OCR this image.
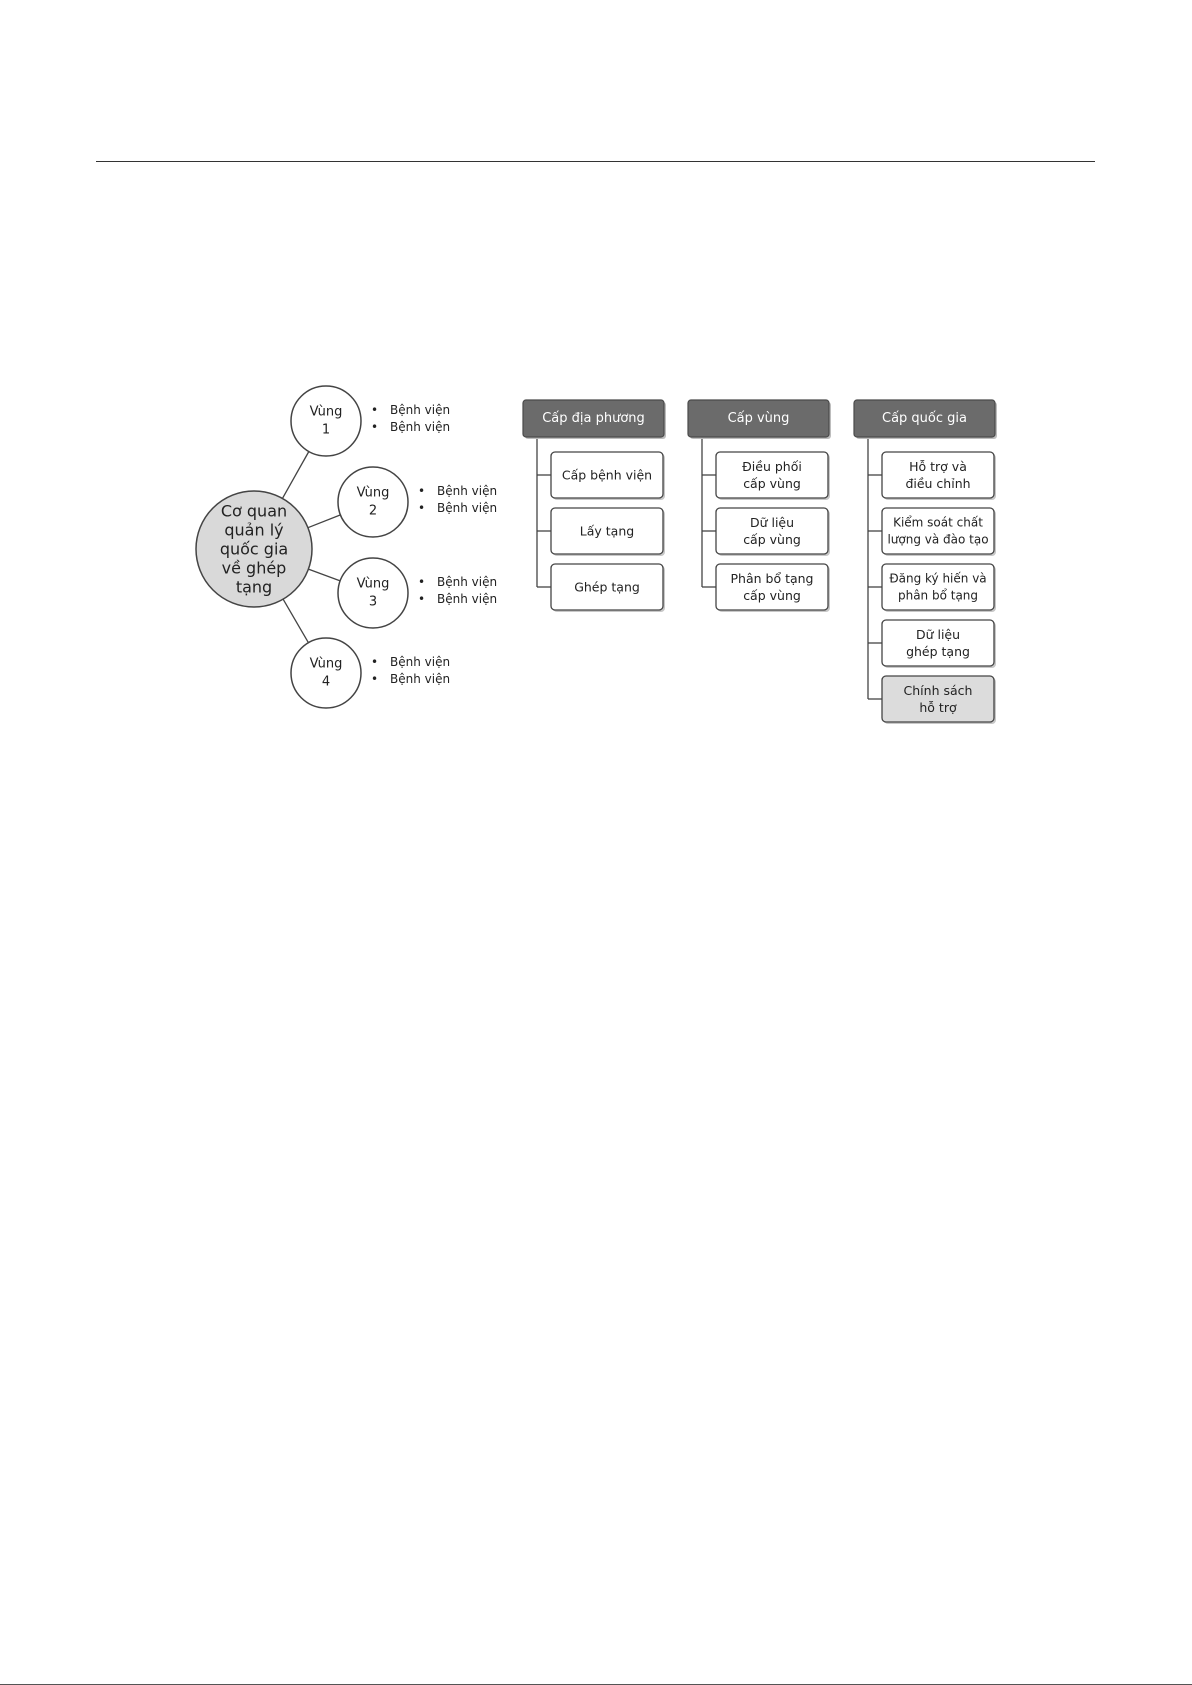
Cơ quan
quản lý
quốc gia
về ghép
tạng
Vùng
1
• Bệnh viện
• Bệnh viện
Vùng
2
• Bệnh viện
• Bệnh viện
Vùng
3
• Bệnh viện
• Bệnh viện
Vùng
4
• Bệnh viện
• Bệnh viện
Cấp địa phương
Cấp bệnh viện
Lấy tạng
Ghép tạng
Cấp vùng
Điều phối
cấp vùng
Dữ liệu
cấp vùng
Phân bổ tạng
cấp vùng
Cấp quốc gia
Hỗ trợ và
điều chỉnh
Kiểm soát chất
lượng và đào tạo
Đăng ký hiến và
phân bổ tạng
Dữ liệu
ghép tạng
Chính sách
hỗ trợ
